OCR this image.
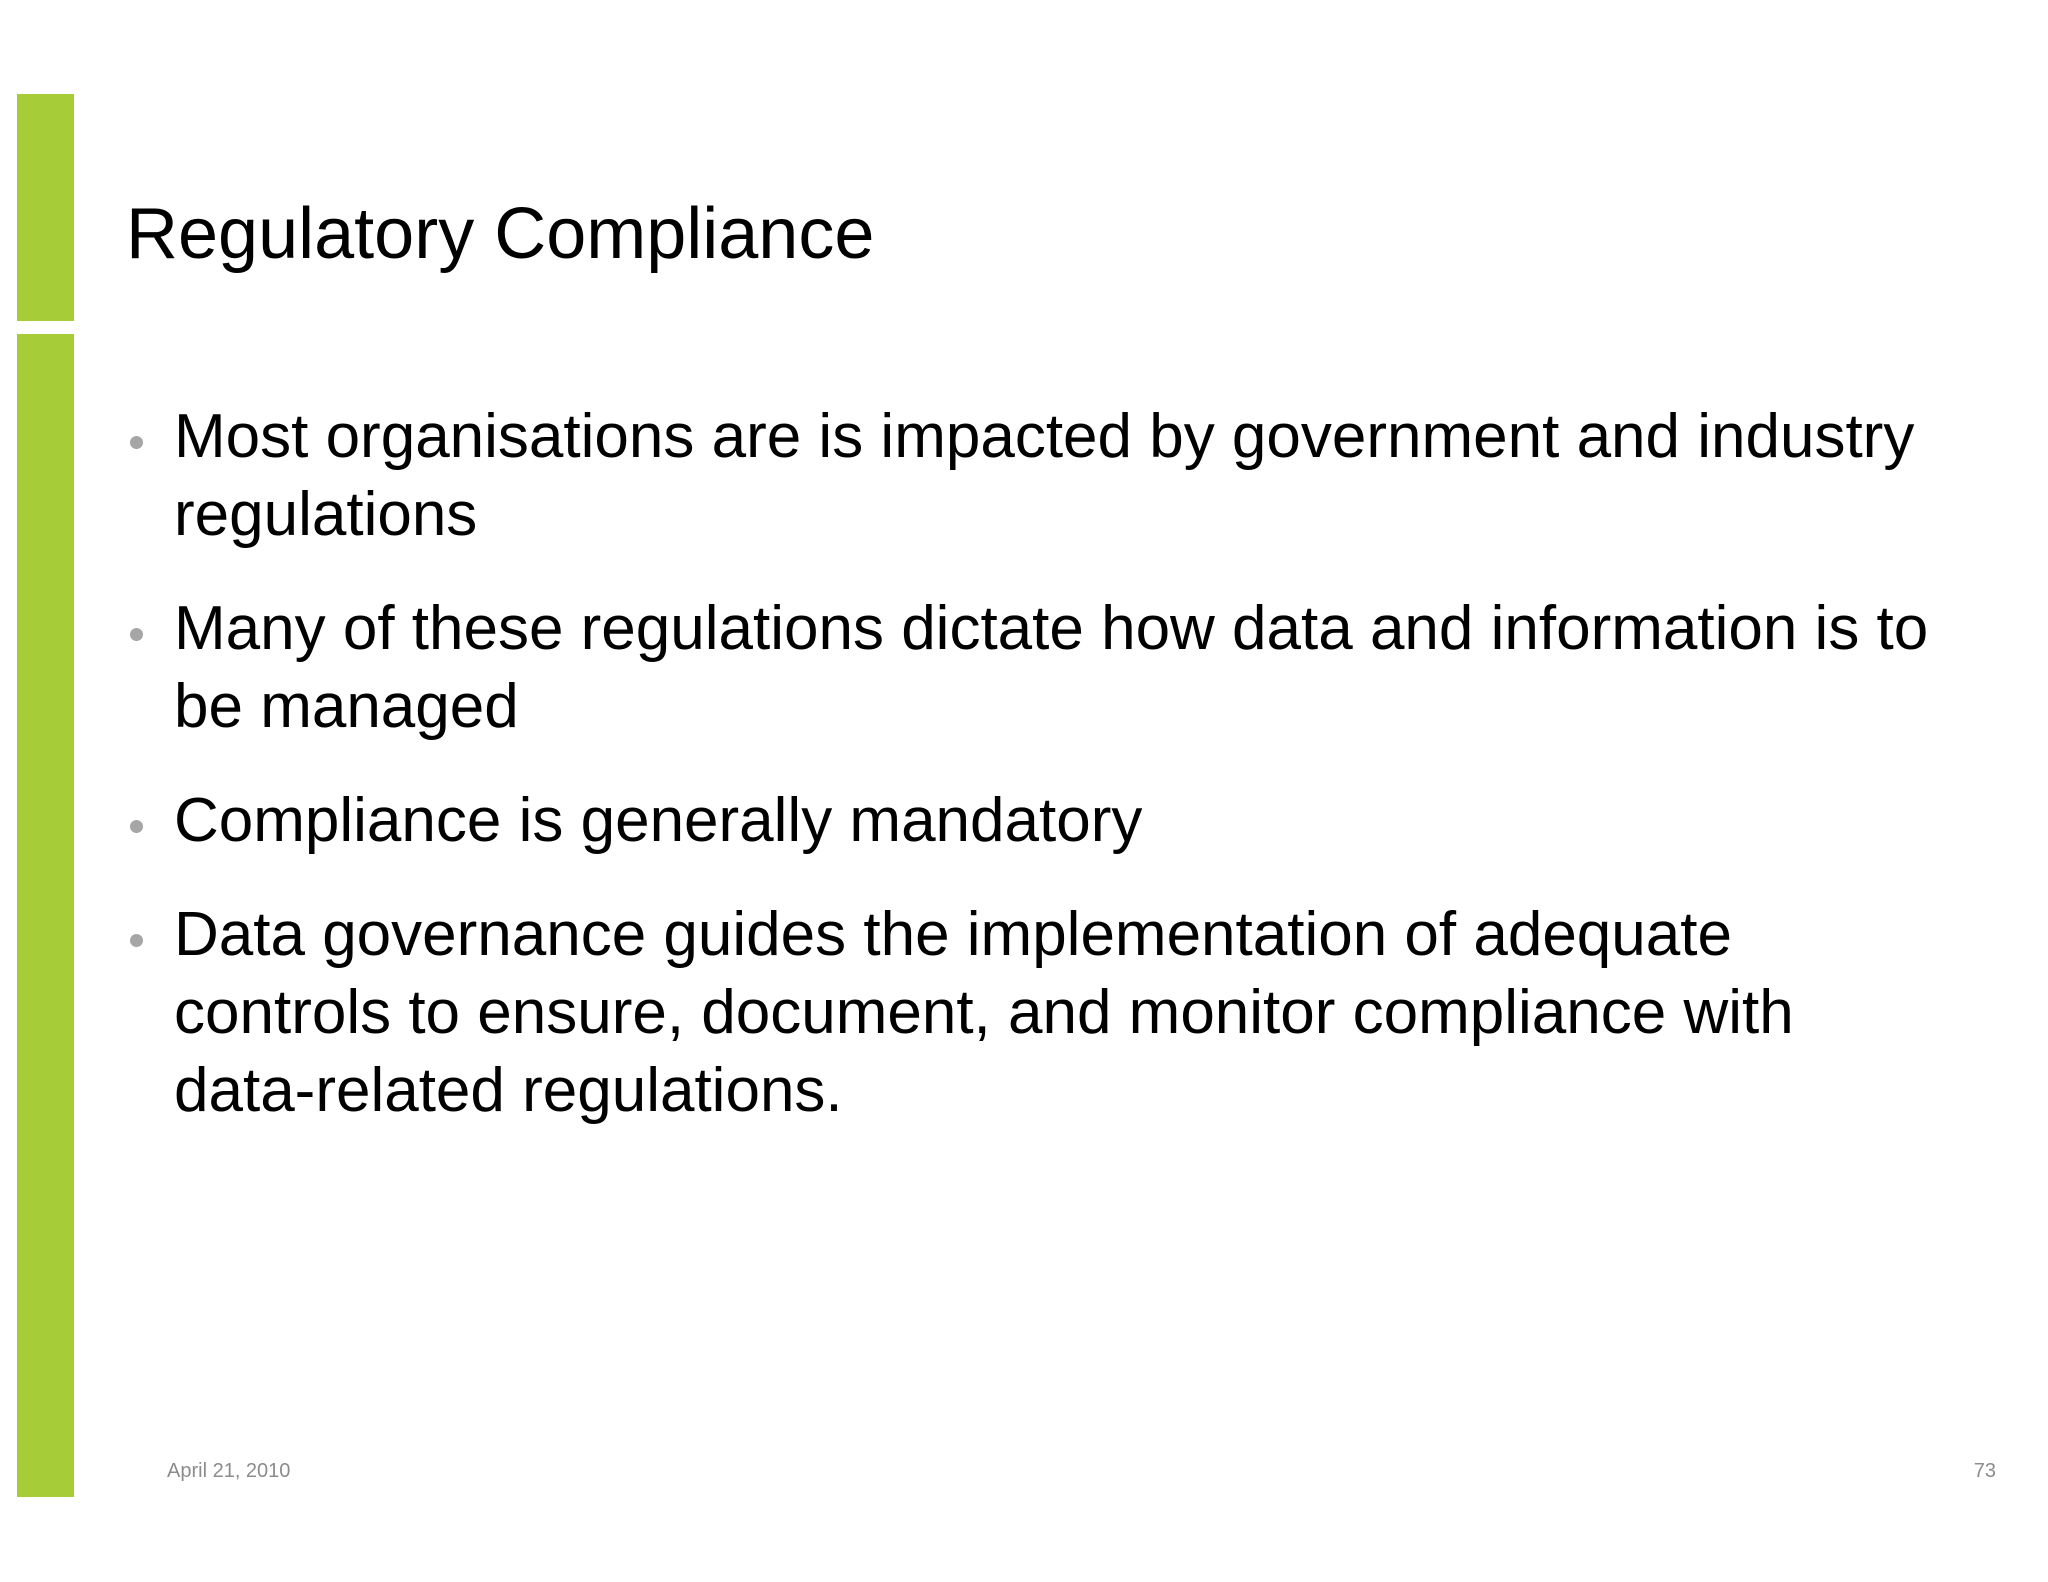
Regulatory Compliance
Most organisations are is impacted by government and industry regulations
Many of these regulations dictate how data and information is to be managed
Compliance is generally mandatory
Data governance guides the implementation of adequate controls to ensure, document, and monitor compliance with data-related regulations.
April 21, 2010	73
